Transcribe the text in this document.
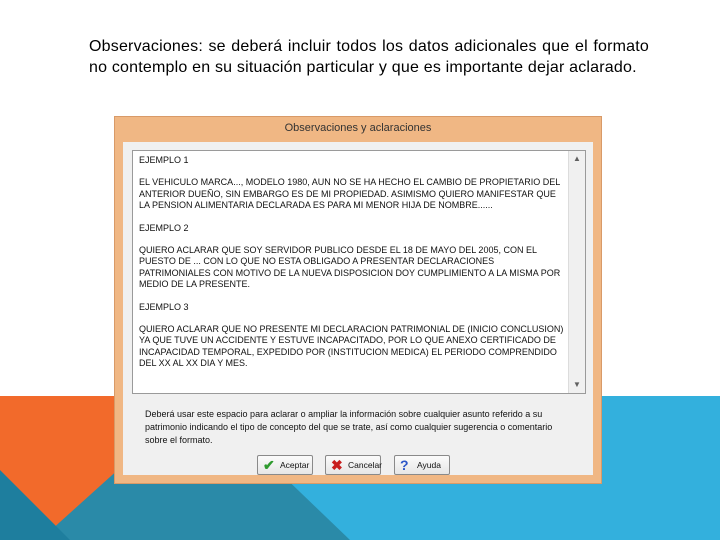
Observaciones: se deberá incluir todos los datos adicionales que el formato no contemplo en su situación particular y que es importante dejar aclarado.
Observaciones y aclaraciones

EJEMPLO 1

EL VEHICULO MARCA..., MODELO 1980, AUN NO SE HA HECHO EL CAMBIO DE PROPIETARIO DEL ANTERIOR DUEÑO, SIN EMBARGO ES DE MI PROPIEDAD. ASIMISMO QUIERO MANIFESTAR QUE LA PENSION ALIMENTARIA DECLARADA ES PARA MI MENOR HIJA DE NOMBRE......

EJEMPLO 2

QUIERO ACLARAR QUE SOY SERVIDOR PUBLICO DESDE EL 18 DE MAYO DEL 2005, CON EL PUESTO DE ... CON LO QUE NO ESTA OBLIGADO A PRESENTAR DECLARACIONES PATRIMONIALES CON MOTIVO DE LA NUEVA DISPOSICION DOY CUMPLIMIENTO A LA MISMA POR MEDIO DE LA PRESENTE.

EJEMPLO 3

QUIERO ACLARAR QUE NO PRESENTE MI DECLARACION PATRIMONIAL DE (INICIO CONCLUSION) YA QUE TUVE UN ACCIDENTE Y ESTUVE INCAPACITADO, POR LO QUE ANEXO CERTIFICADO DE INCAPACIDAD TEMPORAL, EXPEDIDO POR (INSTITUCION MEDICA) EL PERIODO COMPRENDIDO DEL XX AL XX DIA Y MES.

▲
▼
Deberá usar este espacio para aclarar o ampliar la información sobre cualquier asunto referido a su patrimonio indicando el tipo de concepto del que se trate, así como cualquier sugerencia o comentario sobre el formato.
✔ Aceptar ✖ Cancelar ? Ayuda
